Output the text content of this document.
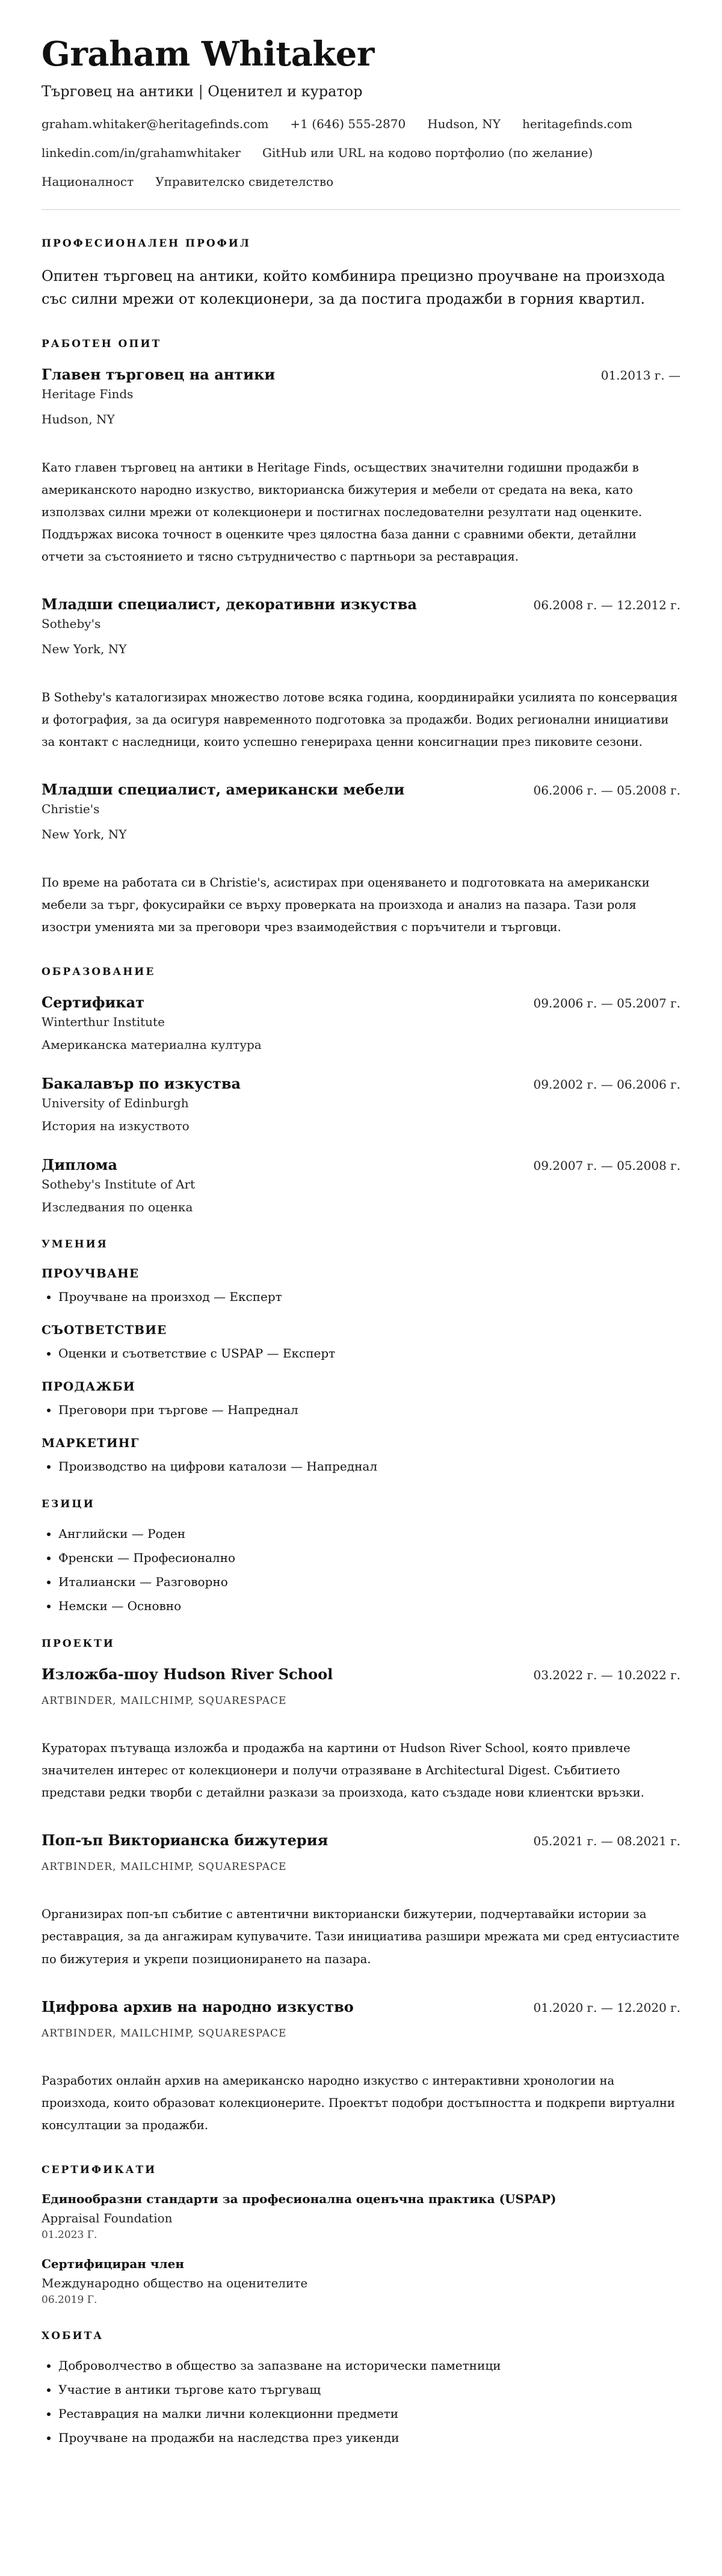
Graham Whitaker
Търговец на антики | Оценител и куратор
graham.whitaker@heritagefinds.com +1 (646) 555-2870 Hudson, NY heritagefinds.com
linkedin.com/in/grahamwhitaker GitHub или URL на кодово портфолио (по желание)
Националност Управителско свидетелство
ПРОФЕСИОНАЛЕН ПРОФИЛ

Опитен търговец на антики, който комбинира прецизно проучване на произхода със силни мрежи от колекционери, за да постига продажби в горния квартил.

РАБОТЕН ОПИТ
Главен търговец на антики	01.2013 г. —
Heritage Finds
Hudson, NY

Като главен търговец на антики в Heritage Finds, осъществих значителни годишни продажби в американското народно изкуство, викторианска бижутерия и мебели от средата на века, като използвах силни мрежи от колекционери и постигнах последователни резултати над оценките. Поддържах висока точност в оценките чрез цялостна база данни с сравними обекти, детайлни отчети за състоянието и тясно сътрудничество с партньори за реставрация.

Младши специалист, декоративни изкуства	06.2008 г. — 12.2012 г.
Sotheby's
New York, NY

В Sotheby's каталогизирах множество лотове всяка година, координирайки усилията по консервация и фотография, за да осигуря навременното подготовка за продажби. Водих регионални инициативи за контакт с наследници, които успешно генерираха ценни консигнации през пиковите сезони.

Младши специалист, американски мебели	06.2006 г. — 05.2008 г.
Christie's
New York, NY

По време на работата си в Christie's, асистирах при оценяването и подготовката на американски мебели за търг, фокусирайки се върху проверката на произхода и анализ на пазара. Тази роля изостри уменията ми за преговори чрез взаимодействия с поръчители и търговци.

ОБРАЗОВАНИЕ
Сертификат	09.2006 г. — 05.2007 г.
Winterthur Institute
Американска материална култура
Бакалавър по изкуства	09.2002 г. — 06.2006 г.
University of Edinburgh
История на изкуството
Диплома	09.2007 г. — 05.2008 г.
Sotheby's Institute of Art
Изследвания по оценка
УМЕНИЯ
ПРОУЧВАНЕ
• Проучване на произход — Експерт
СЪОТВЕТСТВИЕ
• Оценки и съответствие с USPAP — Експерт
ПРОДАЖБИ
• Преговори при търгове — Напреднал
МАРКЕТИНГ
• Производство на цифрови каталози — Напреднал
ЕЗИЦИ
• Английски — Роден
• Френски — Професионално
• Италиански — Разговорно
• Немски — Основно
ПРОЕКТИ
Изложба-шоу Hudson River School	03.2022 г. — 10.2022 г.
ARTBINDER, MAILCHIMP, SQUARESPACE

Кураторах пътуваща изложба и продажба на картини от Hudson River School, която привлече значителен интерес от колекционери и получи отразяване в Architectural Digest. Събитието представи редки творби с детайлни разкази за произхода, като създаде нови клиентски връзки.

Поп-ъп Викторианска бижутерия	05.2021 г. — 08.2021 г.
ARTBINDER, MAILCHIMP, SQUARESPACE

Организирах поп-ъп събитие с автентични викториански бижутерии, подчертавайки истории за реставрация, за да ангажирам купувачите. Тази инициатива разшири мрежата ми сред ентусиастите по бижутерия и укрепи позиционирането на пазара.

Цифрова архив на народно изкуство	01.2020 г. — 12.2020 г.
ARTBINDER, MAILCHIMP, SQUARESPACE

Разработих онлайн архив на американско народно изкуство с интерактивни хронологии на произхода, които образоват колекционерите. Проектът подобри достъпността и подкрепи виртуални консултации за продажби.

СЕРТИФИКАТИ
Единообразни стандарти за професионална оценъчна практика (USPAP)
Appraisal Foundation
01.2023 Г.
Сертифициран член
Международно общество на оценителите
06.2019 Г.
ХОБИТА
• Доброволчество в общество за запазване на исторически паметници
• Участие в антики търгове като търгуващ
• Реставрация на малки лични колекционни предмети
• Проучване на продажби на наследства през уикенди
